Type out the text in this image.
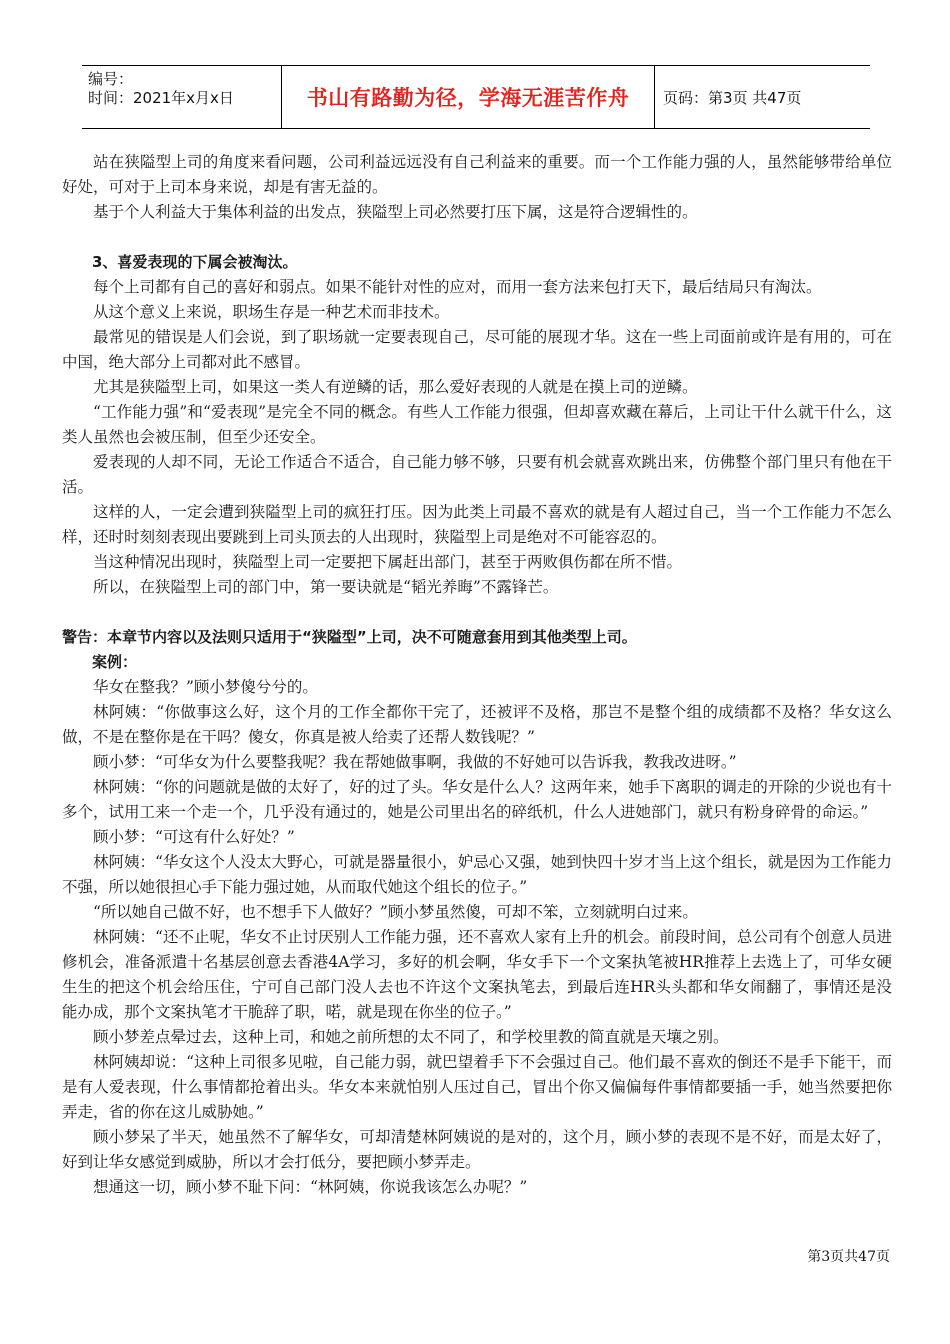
编号：
时间：2021年x月x日	书山有路勤为径，学海无涯苦作舟	页码：第3页 共47页

站在狭隘型上司的角度来看问题，公司利益远远没有自己利益来的重要。而一个工作能力强的人，虽然能够带给单位好处，可对于上司本身来说，却是有害无益的。

基于个人利益大于集体利益的出发点，狭隘型上司必然要打压下属，这是符合逻辑性的。

3、喜爱表现的下属会被淘汰。

每个上司都有自己的喜好和弱点。如果不能针对性的应对，而用一套方法来包打天下，最后结局只有淘汰。

从这个意义上来说，职场生存是一种艺术而非技术。

最常见的错误是人们会说，到了职场就一定要表现自己，尽可能的展现才华。这在一些上司面前或许是有用的，可在中国，绝大部分上司都对此不感冒。

尤其是狭隘型上司，如果这一类人有逆鳞的话，那么爱好表现的人就是在摸上司的逆鳞。

“工作能力强”和“爱表现”是完全不同的概念。有些人工作能力很强，但却喜欢藏在幕后，上司让干什么就干什么，这类人虽然也会被压制，但至少还安全。

爱表现的人却不同，无论工作适合不适合，自己能力够不够，只要有机会就喜欢跳出来，仿佛整个部门里只有他在干活。

这样的人，一定会遭到狭隘型上司的疯狂打压。因为此类上司最不喜欢的就是有人超过自己，当一个工作能力不怎么样，还时时刻刻表现出要跳到上司头顶去的人出现时，狭隘型上司是绝对不可能容忍的。

当这种情况出现时，狭隘型上司一定要把下属赶出部门，甚至于两败俱伤都在所不惜。

所以，在狭隘型上司的部门中，第一要诀就是“韬光养晦”不露锋芒。

警告：本章节内容以及法则只适用于“狭隘型”上司，决不可随意套用到其他类型上司。

案例：

华女在整我？”顾小梦傻兮兮的。

林阿姨：“你做事这么好，这个月的工作全都你干完了，还被评不及格，那岂不是整个组的成绩都不及格？华女这么做，不是在整你是在干吗？傻女，你真是被人给卖了还帮人数钱呢？”

顾小梦：“可华女为什么要整我呢？我在帮她做事啊，我做的不好她可以告诉我，教我改进呀。”

林阿姨：“你的问题就是做的太好了，好的过了头。华女是什么人？这两年来，她手下离职的调走的开除的少说也有十多个，试用工来一个走一个，几乎没有通过的，她是公司里出名的碎纸机，什么人进她部门，就只有粉身碎骨的命运。”

顾小梦：“可这有什么好处？”

林阿姨：“华女这个人没太大野心，可就是器量很小，妒忌心又强，她到快四十岁才当上这个组长，就是因为工作能力不强，所以她很担心手下能力强过她，从而取代她这个组长的位子。”

“所以她自己做不好，也不想手下人做好？”顾小梦虽然傻，可却不笨，立刻就明白过来。

林阿姨：“还不止呢，华女不止讨厌别人工作能力强，还不喜欢人家有上升的机会。前段时间，总公司有个创意人员进修机会，准备派遣十名基层创意去香港4A学习，多好的机会啊，华女手下一个文案执笔被HR推荐上去选上了，可华女硬生生的把这个机会给压住，宁可自己部门没人去也不许这个文案执笔去，到最后连HR头头都和华女闹翻了，事情还是没能办成，那个文案执笔才干脆辞了职，喏，就是现在你坐的位子。”

顾小梦差点晕过去，这种上司，和她之前所想的太不同了，和学校里教的简直就是天壤之别。

林阿姨却说：“这种上司很多见啦，自己能力弱，就巴望着手下不会强过自己。他们最不喜欢的倒还不是手下能干，而是有人爱表现，什么事情都抢着出头。华女本来就怕别人压过自己，冒出个你又偏偏每件事情都要插一手，她当然要把你弄走，省的你在这儿威胁她。”

顾小梦呆了半天，她虽然不了解华女，可却清楚林阿姨说的是对的，这个月，顾小梦的表现不是不好，而是太好了，好到让华女感觉到威胁，所以才会打低分，要把顾小梦弄走。

想通这一切，顾小梦不耻下问：“林阿姨，你说我该怎么办呢？”

第3页共47页
